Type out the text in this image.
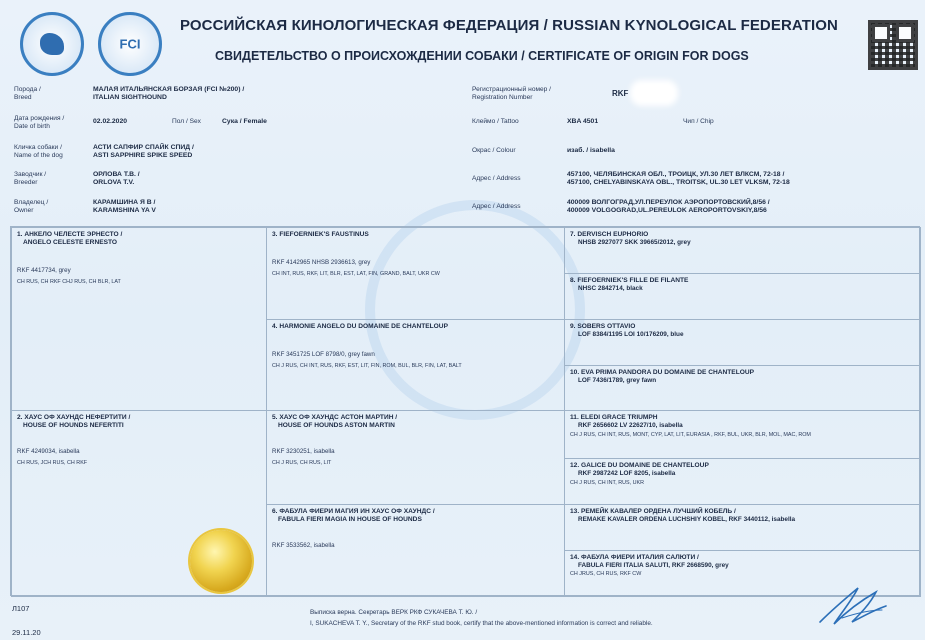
FCI
РОССИЙСКАЯ КИНОЛОГИЧЕСКАЯ ФЕДЕРАЦИЯ / RUSSIAN KYNOLOGICAL FEDERATION
СВИДЕТЕЛЬСТВО О ПРОИСХОЖДЕНИИ СОБАКИ / CERTIFICATE OF ORIGIN FOR DOGS
Порода /
Breed
МАЛАЯ ИТАЛЬЯНСКАЯ БОРЗАЯ (FCI №200) /
ITALIAN SIGHTHOUND
Регистрационный номер /
Registration Number	RKF
Дата рождения /
Date of birth
02.02.2020	Пол / Sex	Сука / Female	Клеймо / Tattoo	XBA 4501	Чип / Chip
Кличка собаки /
Name of the dog
АСТИ САПФИР СПАЙК СПИД /
ASTI SAPPHIRE SPIKE SPEED
Окрас / Colour	изаб. / isabella
Заводчик /
Breeder
ОРЛОВА Т.В. /
ORLOVA T.V.
Адрес / Address
457100, ЧЕЛЯБИНСКАЯ ОБЛ., ТРОИЦК, УЛ.30 ЛЕТ ВЛКСМ, 72-18 /
457100, CHELYABINSKAYA OBL., TROITSK, UL.30 LET VLKSM, 72-18
Владелец /
Owner
КАРАМШИНА Я В /
KARAMSHINA YA V
Адрес / Address
400009 ВОЛГОГРАД,УЛ.ПЕРЕУЛОК АЭРОПОРТОВСКИЙ,8/56 /
400009 VOLGOGRAD,UL.PEREULOK AEROPORTOVSKIY,8/56
1. АНКЕЛО ЧЕЛЕСТЕ ЭРНЕСТО /
ANGELO CELESTE ERNESTO
RKF 4417734, grey
CH RUS, CH RKF CHJ RUS, CH BLR, LAT
2. ХАУС ОФ ХАУНДС НЕФЕРТИТИ /
HOUSE OF HOUNDS NEFERTITI
RKF 4249034, isabella
CH RUS, JCH RUS, CH RKF
3. FIEFOERNIEK'S FAUSTINUS
RKF 4142965 NHSB 2936613, grey
CH INT, RUS, RKF, LIT, BLR, EST, LAT, FIN, GRAND, BALT, UKR CW
4. HARMONIE ANGELO DU DOMAINE DE CHANTELOUP
RKF 3451725 LOF 8798/0, grey fawn
CH J RUS, CH INT, RUS, RKF, EST, LIT, FIN, ROM, BUL, BLR, FIN, LAT, BALT
5. ХАУС ОФ ХАУНДС АСТОН МАРТИН /
HOUSE OF HOUNDS ASTON MARTIN
RKF 3230251, isabella
CH J RUS, CH RUS, LIT
6. ФАБУЛА ФИЕРИ МАГИЯ ИН ХАУС ОФ ХАУНДС /
FABULA FIERI MAGIA IN HOUSE OF HOUNDS
RKF 3533562, isabella
7. DERVISCH EUPHORIO
NHSB 2927077 SKK 39665/2012, grey
8. FIEFOERNIEK'S FILLE DE FILANTE
NHSC 2842714, black
9. SOBERS OTTAVIO
LOF 8384/1195 LOI 10/176209, blue
10. EVA PRIMA PANDORA DU DOMAINE DE CHANTELOUP
LOF 7436/1789, grey fawn
11. ELEDI GRACE TRIUMPH
RKF 2656602 LV 22627/10, isabella
CH J RUS, CH INT, RUS, MONT, CYP, LAT, LIT, EURASIA , RKF, BUL, UKR, BLR, MOL, MAC, ROM
12. GALICE DU DOMAINE DE CHANTELOUP
RKF 2987242 LOF 8205, isabella
CH J RUS, CH INT, RUS, UKR
13. РЕМЕЙК КАВАЛЕР ОРДЕНА ЛУЧШИЙ КОБЕЛЬ /
REMAKE KAVALER ORDENA LUCHSHIY KOBEL, RKF 3440112, isabella
14. ФАБУЛА ФИЕРИ ИТАЛИЯ САЛЮТИ /
FABULA FIERI ITALIA SALUTI, RKF 2668590, grey
CH JRUS, CH RUS, RKF CW
Л107
29.11.20
Выписка верна. Секретарь ВЕРК РКФ СУКАЧЕВА Т. Ю. /
I, SUKACHEVA T. Y., Secretary of the RKF stud book, certify that the above-mentioned information is correct and reliable.
